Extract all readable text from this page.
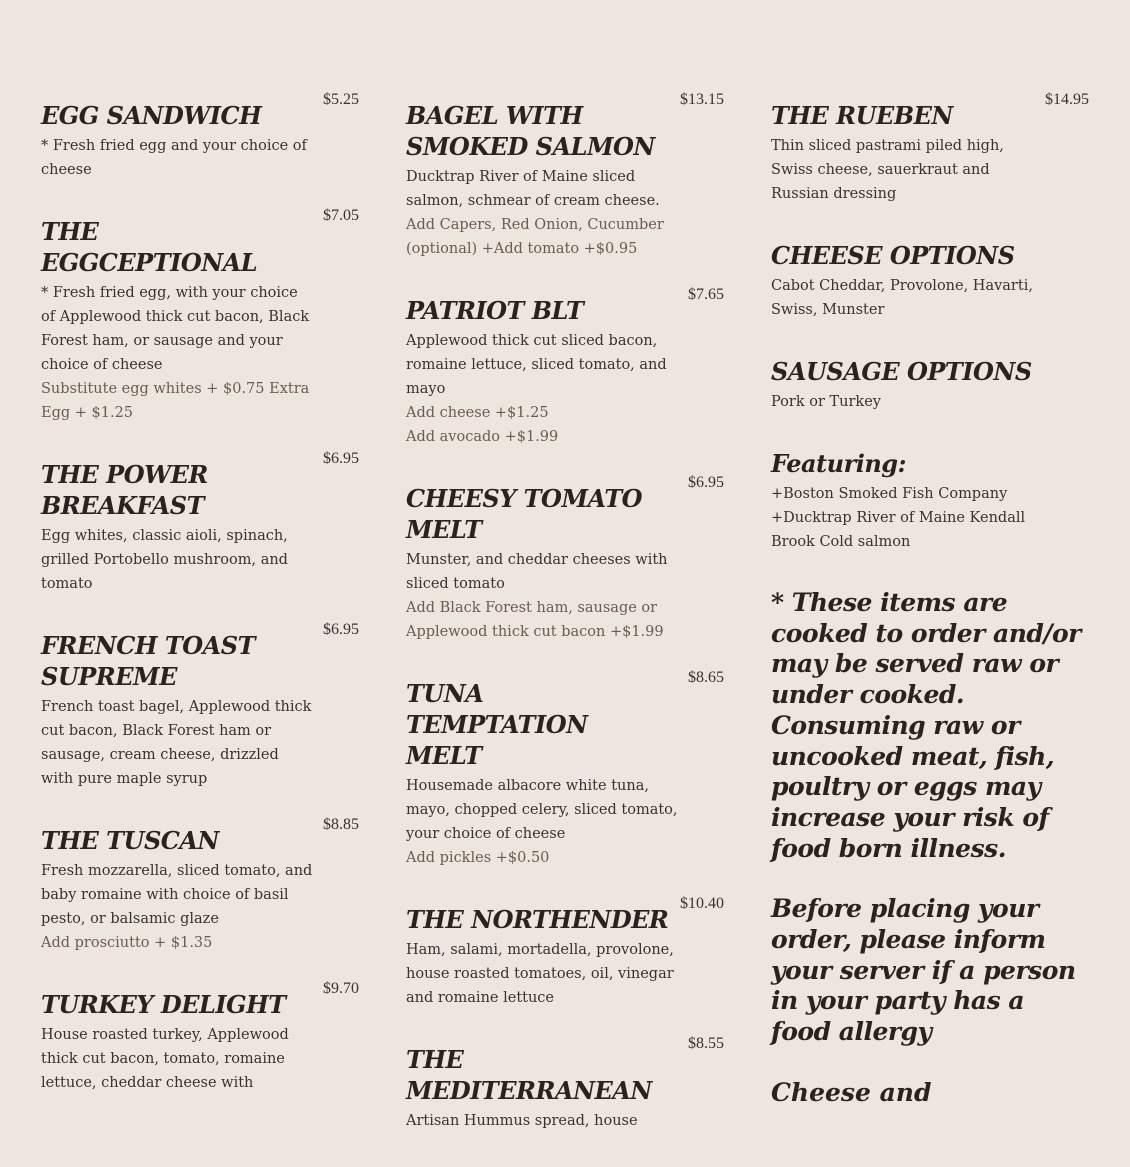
EGG SANDWICH
$5.25
* Fresh fried egg and your choice of cheese
THE EGGCEPTIONAL
$7.05
* Fresh fried egg, with your choice of Applewood thick cut bacon, Black Forest ham, or sausage and your choice of cheese
Substitute egg whites + $0.75 Extra Egg + $1.25
THE POWER BREAKFAST
$6.95
Egg whites, classic aioli, spinach, grilled Portobello mushroom, and tomato
FRENCH TOAST SUPREME
$6.95
French toast bagel, Applewood thick cut bacon, Black Forest ham or sausage, cream cheese, drizzled with pure maple syrup
THE TUSCAN
$8.85
Fresh mozzarella, sliced tomato, and baby romaine with choice of basil pesto, or balsamic glaze
Add prosciutto + $1.35
TURKEY DELIGHT
$9.70
House roasted turkey, Applewood thick cut bacon, tomato, romaine lettuce, cheddar cheese with
BAGEL WITH SMOKED SALMON
$13.15
Ducktrap River of Maine sliced salmon, schmear of cream cheese.
Add Capers, Red Onion, Cucumber (optional) +Add tomato +$0.95
PATRIOT BLT
$7.65
Applewood thick cut sliced bacon, romaine lettuce, sliced tomato, and mayo
Add cheese +$1.25
Add avocado +$1.99
CHEESY TOMATO MELT
$6.95
Munster, and cheddar cheeses with sliced tomato
Add Black Forest ham, sausage or Applewood thick cut bacon +$1.99
TUNA TEMPTATION MELT
$8.65
Housemade albacore white tuna, mayo, chopped celery, sliced tomato, your choice of cheese
Add pickles +$0.50
THE NORTHENDER
$10.40
Ham, salami, mortadella, provolone, house roasted tomatoes, oil, vinegar and romaine lettuce
THE MEDITERRANEAN
$8.55
Artisan Hummus spread, house
THE RUEBEN
$14.95
Thin sliced pastrami piled high, Swiss cheese, sauerkraut and Russian dressing
CHEESE OPTIONS
Cabot Cheddar, Provolone, Havarti, Swiss, Munster
SAUSAGE OPTIONS
Pork or Turkey
Featuring:
+Boston Smoked Fish Company +Ducktrap River of Maine Kendall Brook Cold salmon

* These items are cooked to order and/or may be served raw or under cooked. Consuming raw or uncooked meat, fish, poultry or eggs may increase your risk of food born illness.

Before placing your order, please inform your server if a person in your party has a food allergy

Cheese and
